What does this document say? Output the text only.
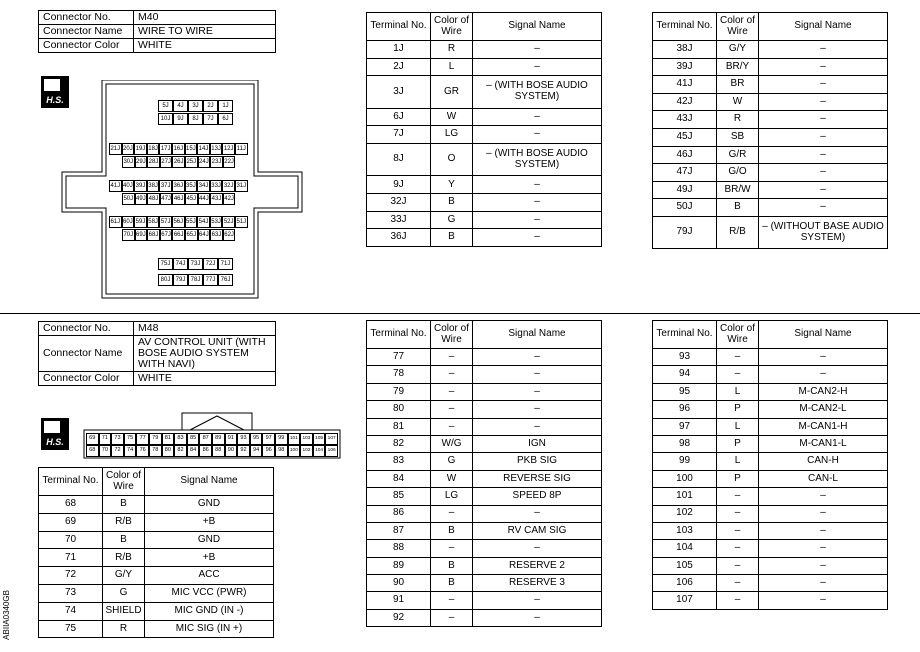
Connector No.	M40
Connector Name	WIRE TO WIRE
Connector Color	WHITE
H.S.
5J	4J	3J	2J	1J
10J	9J	8J	7J	6J
21J 20J 19J 18J 17J 16J 15J 14J 13J 12J 11J
30J 29J 28J 27J 26J 25J 24J 23J 22J
41J 40J 39J 38J 37J 36J 35J 34J 33J 32J 31J
50J 49J 48J 47J 46J 45J 44J 43J 42J
61J 60J 59J 58J 57J 56J 55J 54J 53J 52J 51J
70J 69J 68J 67J 66J 65J 64J 63J 62J
75J 74J 73J 72J 71J
80J 79J 78J 77J 76J
Terminal No.	Color of Wire	Signal Name
1J	R	–
2J	L	–
3J	GR	– (WITH BOSE AUDIO SYSTEM)
6J	W	–
7J	LG	–
8J	O	– (WITH BOSE AUDIO SYSTEM)
9J	Y	–
32J	B	–
33J	G	–
36J	B	–
Terminal No.	Color of Wire	Signal Name
38J	G/Y	–
39J	BR/Y	–
41J	BR	–
42J	W	–
43J	R	–
45J	SB	–
46J	G/R	–
47J	G/O	–
49J	BR/W	–
50J	B	–
79J	R/B	– (WITHOUT BASE AUDIO SYSTEM)
Connector No.	M48
Connector Name	AV CONTROL UNIT (WITH BOSE AUDIO SYSTEM WITH NAVI)
Connector Color	WHITE
H.S.	69	71	73	75	77	79	81	83	85	87	89	91	93	95	97	99	101 103 105 107
68	70	72	74	76	78	80	82	84	86	88	90	92	94	96	98	100 102 104 106
Terminal No.	Color of Wire	Signal Name
68	B	GND
69	R/B	+B
70	B	GND
71	R/B	+B
72	G/Y	ACC
73	G	MIC VCC (PWR)
74	SHIELD	MIC GND (IN -)
75	R	MIC SIG (IN +)
Terminal No.	Color of Wire	Signal Name
77	–	–
78	–	–
79	–	–
80	–	–
81	–	–
82	W/G	IGN
83	G	PKB SIG
84	W	REVERSE SIG
85	LG	SPEED 8P
86	–	–
87	B	RV CAM SIG
88	–	–
89	B	RESERVE 2
90	B	RESERVE 3
91	–	–
92	–	–
Terminal No.	Color of Wire	Signal Name
93	–	–
94	–	–
95	L	M-CAN2-H
96	P	M-CAN2-L
97	L	M-CAN1-H
98	P	M-CAN1-L
99	L	CAN-H
100	P	CAN-L
101	–	–
102	–	–
103	–	–
104	–	–
105	–	–
106	–	–
107	–	–
ABIIA0340GB
